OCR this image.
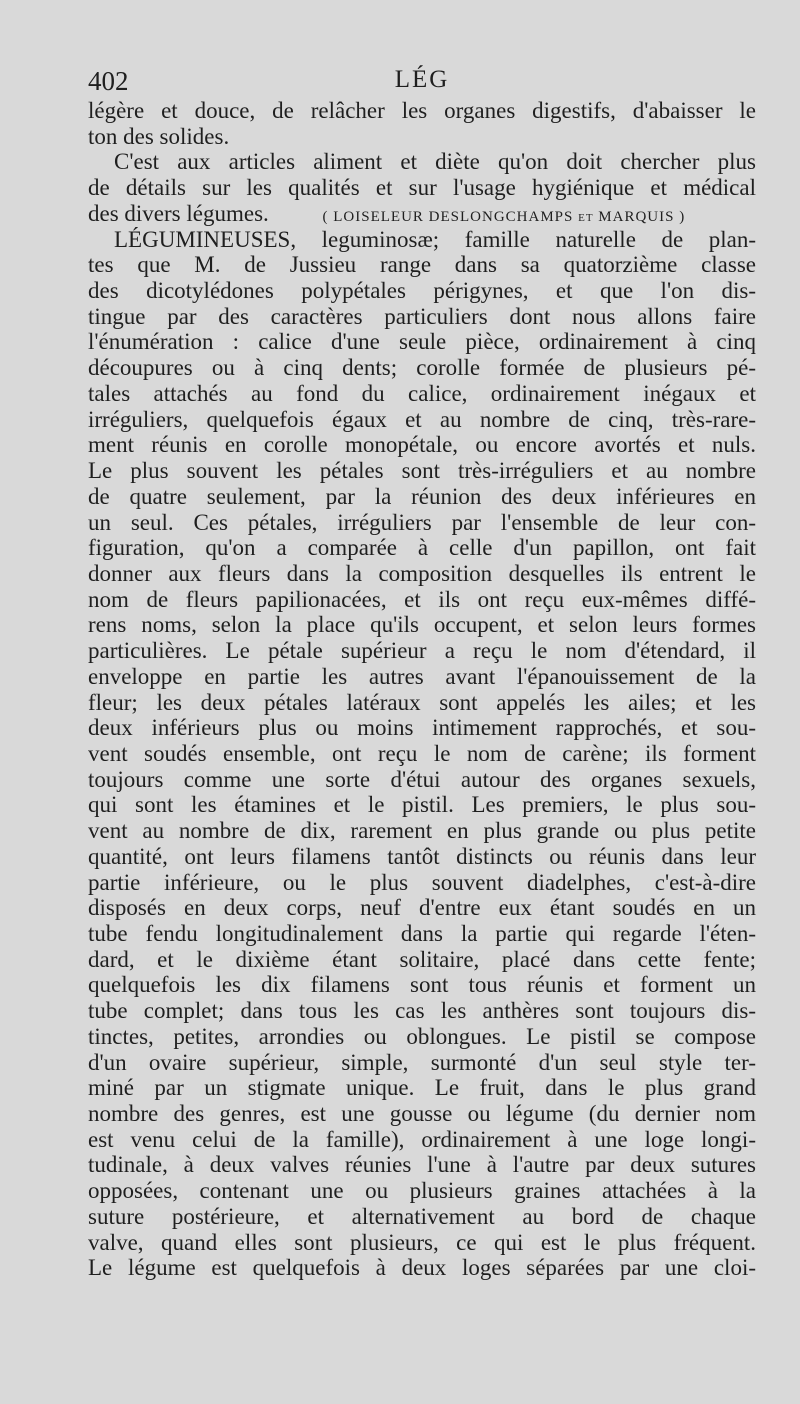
402	LÉG
légère et douce, de relâcher les organes digestifs, d'abaisser le
ton des solides.
C'est aux articles aliment et diète qu'on doit chercher plus
de détails sur les qualités et sur l'usage hygiénique et médical
des divers légumes.	( LOISELEUR DESLONGCHAMPS et MARQUIS )
LÉGUMINEUSES, leguminosæ; famille naturelle de plan-
tes que M. de Jussieu range dans sa quatorzième classe
des dicotylédones polypétales périgynes, et que l'on dis-
tingue par des caractères particuliers dont nous allons faire
l'énumération : calice d'une seule pièce, ordinairement à cinq
découpures ou à cinq dents; corolle formée de plusieurs pé-
tales attachés au fond du calice, ordinairement inégaux et
irréguliers, quelquefois égaux et au nombre de cinq, très-rare-
ment réunis en corolle monopétale, ou encore avortés et nuls.
Le plus souvent les pétales sont très-irréguliers et au nombre
de quatre seulement, par la réunion des deux inférieures en
un seul. Ces pétales, irréguliers par l'ensemble de leur con-
figuration, qu'on a comparée à celle d'un papillon, ont fait
donner aux fleurs dans la composition desquelles ils entrent le
nom de fleurs papilionacées, et ils ont reçu eux-mêmes diffé-
rens noms, selon la place qu'ils occupent, et selon leurs formes
particulières. Le pétale supérieur a reçu le nom d'étendard, il
enveloppe en partie les autres avant l'épanouissement de la
fleur; les deux pétales latéraux sont appelés les ailes; et les
deux inférieurs plus ou moins intimement rapprochés, et sou-
vent soudés ensemble, ont reçu le nom de carène; ils forment
toujours comme une sorte d'étui autour des organes sexuels,
qui sont les étamines et le pistil. Les premiers, le plus sou-
vent au nombre de dix, rarement en plus grande ou plus petite
quantité, ont leurs filamens tantôt distincts ou réunis dans leur
partie inférieure, ou le plus souvent diadelphes, c'est-à-dire
disposés en deux corps, neuf d'entre eux étant soudés en un
tube fendu longitudinalement dans la partie qui regarde l'éten-
dard, et le dixième étant solitaire, placé dans cette fente;
quelquefois les dix filamens sont tous réunis et forment un
tube complet; dans tous les cas les anthères sont toujours dis-
tinctes, petites, arrondies ou oblongues. Le pistil se compose
d'un ovaire supérieur, simple, surmonté d'un seul style ter-
miné par un stigmate unique. Le fruit, dans le plus grand
nombre des genres, est une gousse ou légume (du dernier nom
est venu celui de la famille), ordinairement à une loge longi-
tudinale, à deux valves réunies l'une à l'autre par deux sutures
opposées, contenant une ou plusieurs graines attachées à la
suture postérieure, et alternativement au bord de chaque
valve, quand elles sont plusieurs, ce qui est le plus fréquent.
Le légume est quelquefois à deux loges séparées par une cloi-
